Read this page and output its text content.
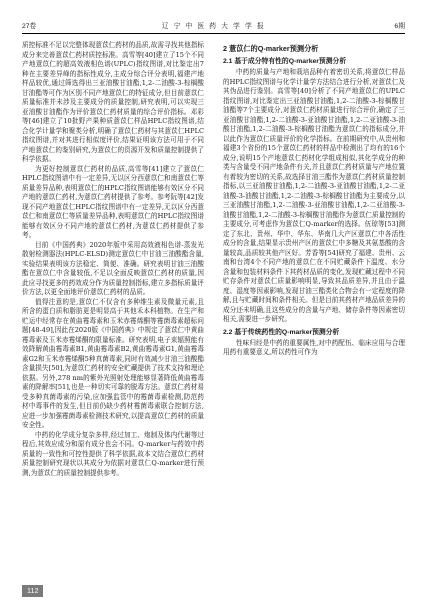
27卷	辽 宁 中 医 药 大 学 学 报	6期

质控标准不足以完整体现薏苡仁药材的品质,故需寻找其他指标成分来完善薏苡仁药材质控标准。高雪等[40]建立了15个不同产地薏苡仁的超高效液相色谱(UPLC)指纹图谱,对比鉴定出7种在主要差异峰的指标性成分,主成分综合评分表明,福建产地样品较优,通过筛选得出三亚油酸甘油酯,1,2-二油酸-3-棕榈酸甘油酯等可作为区别不同产地薏苡仁的特征成分,但目前薏苡仁质量标准并未涉及主要成分的质量控制,研究表明,可以实现三亚油酸甘油酯作为评价薏苡仁药材质量的综合评价指标。邓彩等[46]建立了10批野产果种质薏苡仁样品HPLC指纹图谱,结合化学计量学和聚类分析,明确了薏苡仁药材与其薏苡仁HPLC指纹图谱,并对其进行相似度评价,结果证明该方法可用于不同产地薏苡仁的鉴别研究,为薏苡仁的资源开发和质量控制提供了科学依据。

为更好控制薏苡仁药材的品质,高雪等[41]建立了薏苡仁HPLC指纹图谱中有一定差异,无以区分西薏苡仁和南薏苡仁等质量差异品种,表明薏苡仁的HPLC指纹图谱能够有效区分不同产地的薏苡仁药材,为薏苡仁药材提供了参考。参考阮等[42]发现不同产地薏苡仁HPLC指纹图谱中有一定差异,无以区分西薏苡仁和南薏苡仁等质量差异品种,表明薏苡仁的HPLC指纹图谱能够有效区分不同产地的薏苡仁药材,为薏苡仁药材提供了参考。

目前《中国药典》2020年版中采用高效液相色谱-蒸发光散射检测器法(HPLC-ELSD)测定薏苡仁中甘油三油酸酯含量,实验结果表明该方法稳定、简便、准确。研究表明甘油三油酸酯在薏苡仁中含量较低,不足以全面反映薏苡仁药材的质量,因此应寻找更多的药效成分作为质量控制指标,建立多指标质量评价方法,以更全面地评价薏苡仁药材的品质。

值得注意的是,薏苡仁不仅含有多种维生素及微量元素,且所含的蛋白质和脂肪更是明显高于其他禾本科植物。在生产和贮运中经常存在黄曲霉毒素和玉米赤霉烯酮等霉菌毒素超标问题[48-49],因此在2020版《中国药典》中规定了薏苡仁中黄曲霉毒素及玉米赤霉烯酮的限量标准。研究表明,电子束辐照能有效降解黄曲霉毒素B1,黄曲霉毒素B2,黄曲霉毒素G1,黄曲霉毒素G2和玉米赤霉烯酮5种真菌毒素,同时有效减少甘油三油酸酯含量损失[50],为薏苡仁药材的安全贮藏提供了技术支持和理论依据。另外,278 nm的紫外光照射处理能够显著降低黄曲霉毒素的降解率[51],也是一种切实可靠的脱毒方法。薏苡仁药材易受多种真菌毒素的污染,应加强监管中的霉菌毒素检测,防范药材中毒事件的发生,但目前仍缺少药材霉菌毒素联合控制方法,应进一步加强霉菌毒素检测技术研究,以提高薏苡仁药材的质量安全性。

中药的化学成分复杂多样,经过加工、炮制及体内代谢等过程后,其效应成分和原有成分也会不同。Q-marker与药效中药质量的一致性和可控性提供了科学依据,故本文结合薏苡仁药材质量控制研究现状以其成分为依据对薏苡仁Q-marker进行预测,为薏苡仁的质量控制提供参考。

2 薏苡仁的Q-marker预测分析
2.1 基于成分特有性的Q-marker预测分析

中药的质量与产地和栽培品种有着密切关系,将薏苡仁样品的HPLC指纹图谱与化学计量学方法结合进行分析,对薏苡仁及其伪品进行鉴别。高雪等[40]分析了不同产地薏苡仁的UPLC指纹图谱,对比鉴定出三亚油酸甘油酯,1,2-二油酸-3-棕榈酸甘油酯等7个主要成分,对薏苡仁药材质量进行综合评价,确定了三亚油酸甘油酯,1,2-二油酸-3-亚油酸甘油酯,1,2-二亚油酸-3-油酸甘油酯,1,2-二油酸-3-棕榈酸甘油酯为薏苡仁的指标成分,并以此作为薏苡仁质量评价的化学指标。在前期研究中,从贵州和福建3个省份的15个薏苡仁药材的样品中检测出了均有的16个成分,说明15个产地薏苡仁药材化学组成相似,其化学成分的种类与含量受不同产地条件有关,并且薏苡仁药材质量与产地位置有着较为密切的关系,故选择甘油三酯作为薏苡仁药材质量控制指标,以三亚油酸甘油酯,1,2-二油酸-3-亚油酸甘油酯,1,2-二亚油酸-3-油酸甘油酯,1,2-二油酸-3-棕榈酸甘油酯为主要成分,以三亚油酸甘油酯,1,2-二油酸-3-亚油酸甘油酯,1,2-二亚油酸-3-油酸甘油酯,1,2-二油酸-3-棕榈酸甘油酯作为薏苡仁质量控制的主要成分,可考虑作为薏苡仁Q-marker的选择。伍琼等[53]测定了东北、贵州、华中、华东、华南几大产区薏苡仁中各活性成分的含量,结果显示贵州产区的薏苡仁中多糖及其氨基酸的含量较高,品质较其他产区好。芳香等[54]研究了福建、贵州、云南和台湾4个不同产地的薏苡仁在不同贮藏条件下温度、水分含量和包装材料条件下其药材品质的变化,发现贮藏过程中不同贮存条件对薏苡仁质量影响明显,导致其品质差异,并且由于温度、湿度等因素影响,发现甘油三酯类化合物会有一定程度的降解,且与贮藏时间和条件相关。但是目前其药材产地品质差异的成分还未明确,且这些成分的含量与产地、储存条件等因素密切相关,需要进一步研究。

2.2 基于传统药性的Q-marker预测分析

性味归经是中药的重要属性,对中药配伍、临床应用与合理用药有重要意义,所以药性可作为

112
